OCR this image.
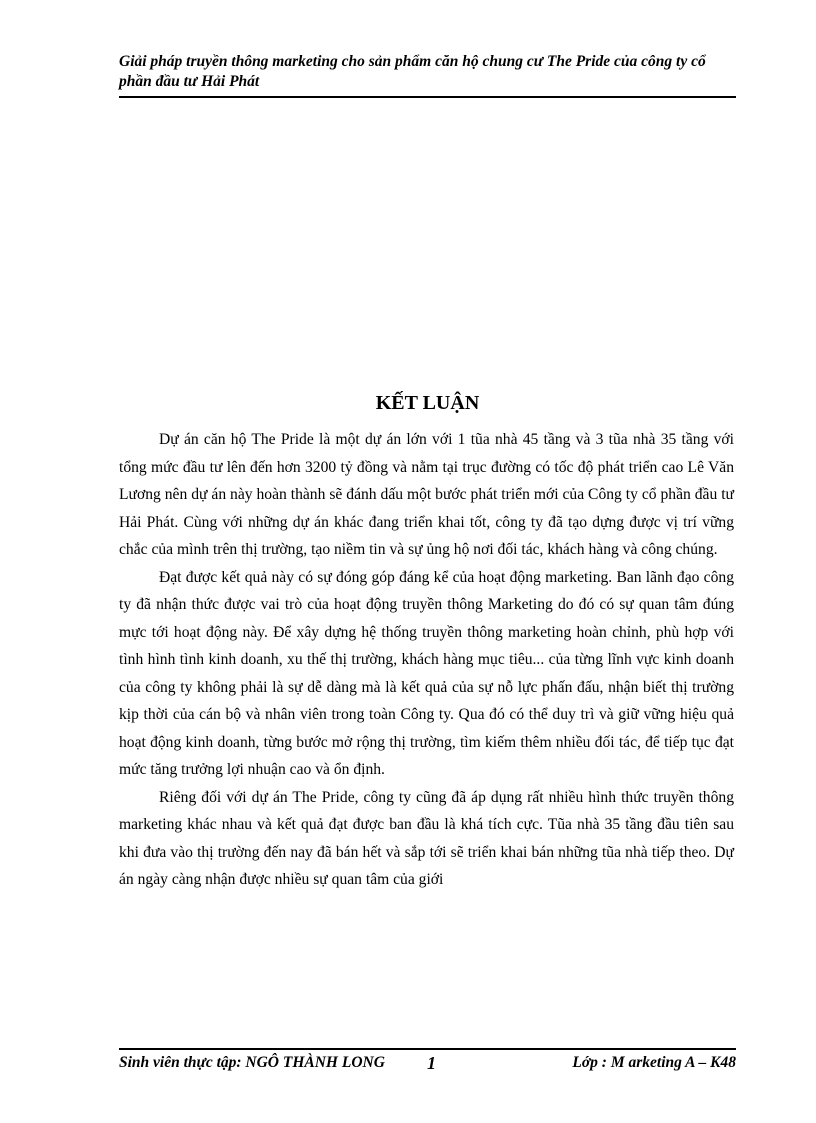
Giải pháp truyền thông marketing cho sản phẩm căn hộ chung cư The Pride của công ty cổ phần đầu tư Hải Phát
KẾT LUẬN

Dự án căn hộ The Pride là một dự án lớn với 1 tũa nhà 45 tầng và 3 tũa nhà 35 tầng với tổng mức đầu tư lên đến hơn 3200 tỷ đồng và nằm tại trục đường có tốc độ phát triển cao Lê Văn Lương nên dự án này hoàn thành sẽ đánh dấu một bước phát triển mới của Công ty cổ phần đầu tư Hải Phát. Cùng với những dự án khác đang triển khai tốt, công ty đã tạo dựng được vị trí vững chắc của mình trên thị trường, tạo niềm tin và sự ủng hộ nơi đối tác, khách hàng và công chúng.

Đạt được kết quả này có sự đóng góp đáng kể của hoạt động marketing. Ban lãnh đạo công ty đã nhận thức được vai trò của hoạt động truyền thông Marketing do đó có sự quan tâm đúng mực tới hoạt động này. Để xây dựng hệ thống truyền thông marketing hoàn chỉnh, phù hợp với tình hình tình kinh doanh, xu thế thị trường, khách hàng mục tiêu... của từng lĩnh vực kinh doanh của công ty không phải là sự dễ dàng mà là kết quả của sự nỗ lực phấn đấu, nhận biết thị trường kịp thời của cán bộ và nhân viên trong toàn Công ty. Qua đó có thể duy trì và giữ vững hiệu quả hoạt động kinh doanh, từng bước mở rộng thị trường, tìm kiếm thêm nhiều đối tác, để tiếp tục đạt mức tăng trưởng lợi nhuận cao và ổn định.

Riêng đối với dự án The Pride, công ty cũng đã áp dụng rất nhiều hình thức truyền thông marketing khác nhau và kết quả đạt được ban đầu là khá tích cực. Tũa nhà 35 tầng đầu tiên sau khi đưa vào thị trường đến nay đã bán hết và sắp tới sẽ triển khai bán những tũa nhà tiếp theo. Dự án ngày càng nhận được nhiều sự quan tâm của giới

Sinh viên thực tập: NGÔ THÀNH LONG 1	Lớp : M arketing A – K48
